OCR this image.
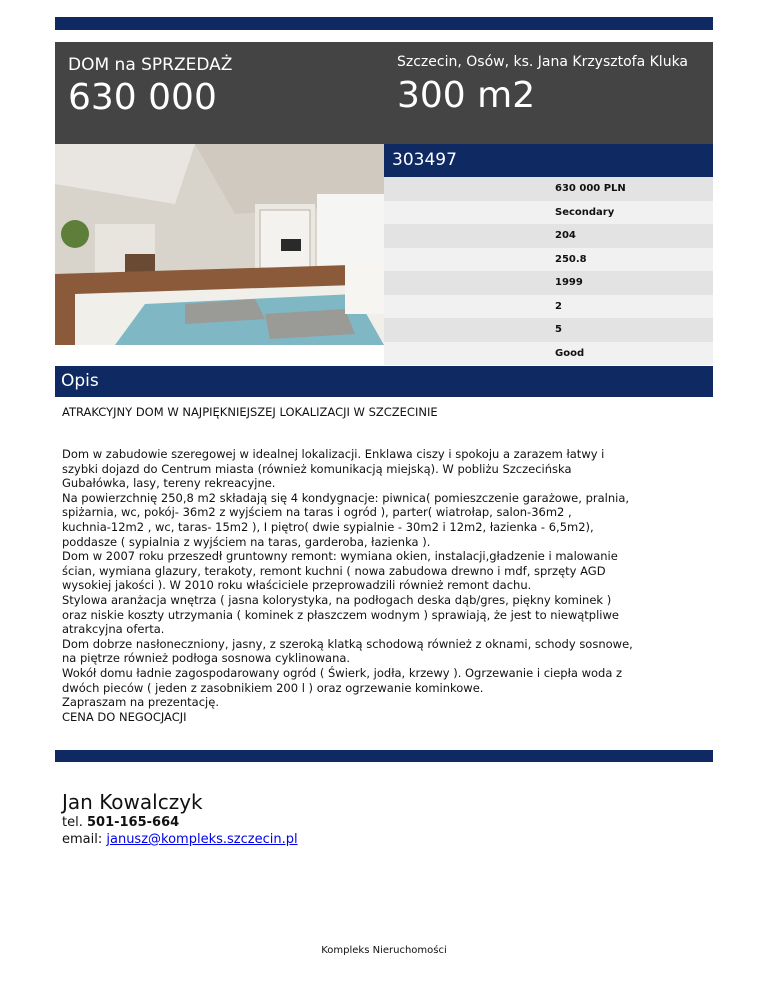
DOM na SPRZEDAŻ
630 000
Szczecin, Osów, ks. Jana Krzysztofa Kluka
300 m2
303497
630 000 PLN
Secondary
204
250.8
1999
2
5
Good
Opis
ATRAKCYJNY DOM W NAJPIĘKNIEJSZEJ LOKALIZACJI W SZCZECINIE
Dom w zabudowie szeregowej w idealnej lokalizacji. Enklawa ciszy i spokoju a zarazem łatwy i
szybki dojazd do Centrum miasta (również komunikacją miejską). W pobliżu Szczecińska
Gubałówka, lasy, tereny rekreacyjne.
Na powierzchnię 250,8 m2 składają się 4 kondygnacje: piwnica( pomieszczenie garażowe, pralnia,
spiżarnia, wc, pokój- 36m2 z wyjściem na taras i ogród ), parter( wiatrołap, salon-36m2 ,
kuchnia-12m2 , wc, taras- 15m2 ), I piętro( dwie sypialnie - 30m2 i 12m2, łazienka - 6,5m2),
poddasze ( sypialnia z wyjściem na taras, garderoba, łazienka ).
Dom w 2007 roku przeszedł gruntowny remont: wymiana okien, instalacji,gładzenie i malowanie
ścian, wymiana glazury, terakoty, remont kuchni ( nowa zabudowa drewno i mdf, sprzęty AGD
wysokiej jakości ). W 2010 roku właściciele przeprowadzili również remont dachu.
Stylowa aranżacja wnętrza ( jasna kolorystyka, na podłogach deska dąb/gres, piękny kominek )
oraz niskie koszty utrzymania ( kominek z płaszczem wodnym ) sprawiają, że jest to niewątpliwe
atrakcyjna oferta.
Dom dobrze nasłoneczniony, jasny, z szeroką klatką schodową również z oknami, schody sosnowe,
na piętrze również podłoga sosnowa cyklinowana.
Wokół domu ładnie zagospodarowany ogród ( Świerk, jodła, krzewy ). Ogrzewanie i ciepła woda z
dwóch pieców ( jeden z zasobnikiem 200 l ) oraz ogrzewanie kominkowe.
Zapraszam na prezentację.
CENA DO NEGOCJACJI
Jan Kowalczyk
tel. 501-165-664
email: janusz@kompleks.szczecin.pl
Kompleks Nieruchomości
